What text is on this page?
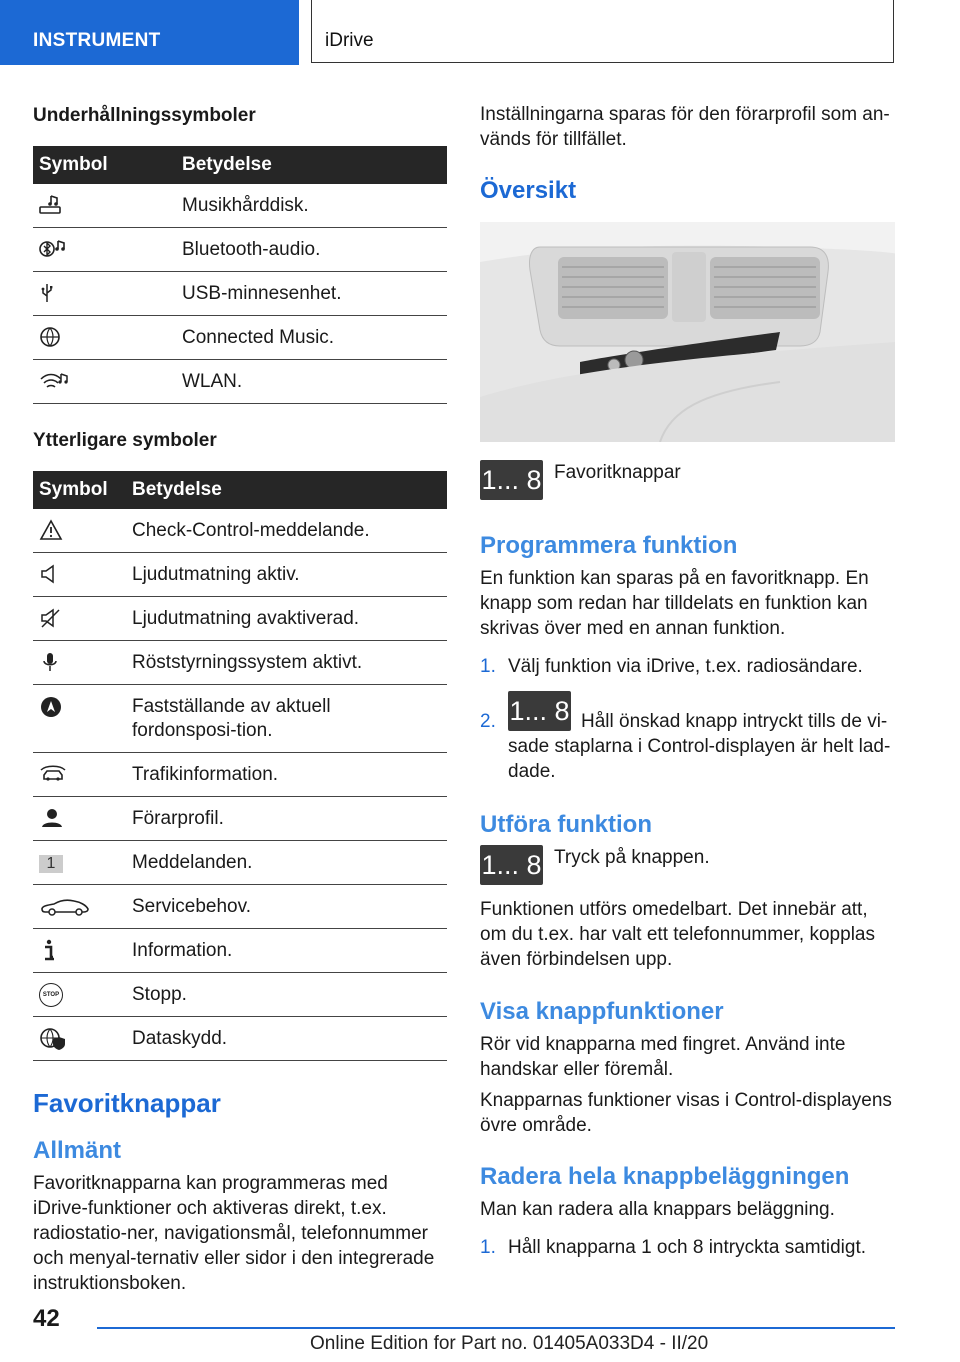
INSTRUMENT	iDrive

Underhållningssymboler

Symbol	Betydelse

	Musikhårddisk.

	Bluetooth-audio.

	USB-minnesenhet.

	Connected Music.

	WLAN.

Ytterligare symboler

Symbol	Betydelse

	Check-Control-meddelande.

	Ljudutmatning aktiv.

	Ljudutmatning avaktiverad.

	Röststyrningssystem aktivt.

	Fastställande av aktuell fordonsposi-tion.

	Trafikinformation.

	Förarprofil.
1	Meddelanden.

	Servicebehov.

	Information.

STOP	Stopp.

	Dataskydd.

Favoritknappar

Allmänt

Favoritknapparna kan programmeras med iDrive-funktioner och aktiveras direkt, t.ex. radiostatio-ner, navigationsmål, telefonnummer och menyal-ternativ eller sidor i den integrerade instruktionsboken.

Inställningarna sparas för den förarprofil som an-vänds för tillfället.

Översikt

1... 8 Favoritknappar

Programmera funktion

En funktion kan sparas på en favoritknapp. En knapp som redan har tilldelats en funktion kan skrivas över med en annan funktion.

1. Välj funktion via iDrive, t.ex. radiosändare.
2. 1... 8 Håll önskad knapp intryckt tills de vi-sade staplarna i Control-displayen är helt lad-dade.

Utföra funktion

1... 8 Tryck på knappen.

Funktionen utförs omedelbart. Det innebär att, om du t.ex. har valt ett telefonnummer, kopplas även förbindelsen upp.

Visa knappfunktioner

Rör vid knapparna med fingret. Använd inte handskar eller föremål.

Knapparnas funktioner visas i Control-displayens övre område.

Radera hela knappbeläggningen

Man kan radera alla knappars beläggning.

1. Håll knapparna 1 och 8 intryckta samtidigt.
42
Online Edition for Part no. 01405A033D4 - II/20
